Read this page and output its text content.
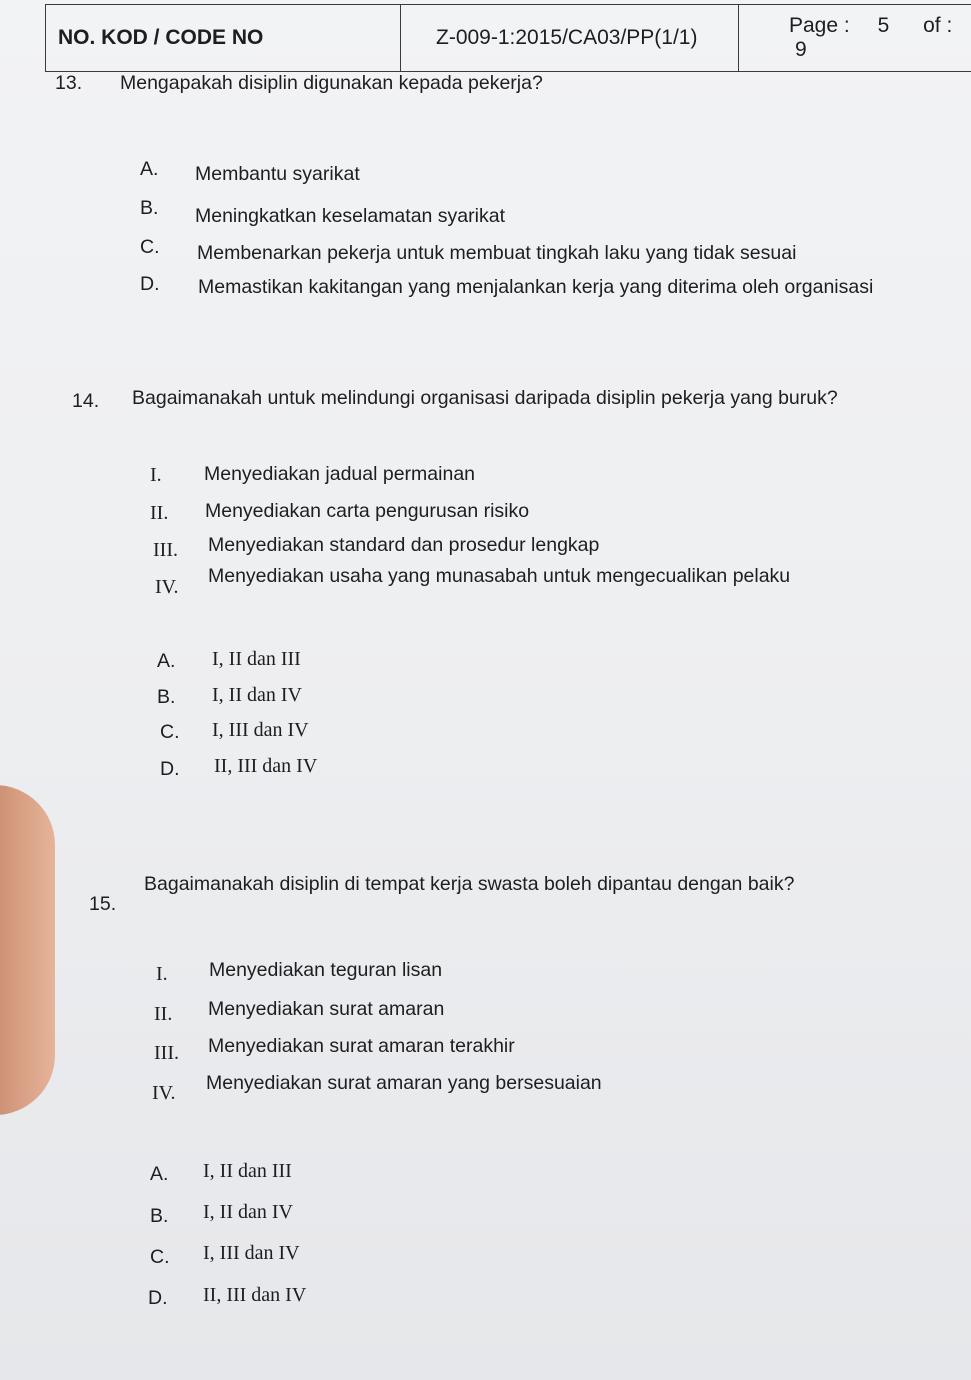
NO. KOD / CODE NO	Z-009-1:2015/CA03/PP(1/1)	Page : 5 of : 9
13. Mengapakah disiplin digunakan kepada pekerja?
A. Membantu syarikat
B. Meningkatkan keselamatan syarikat
C. Membenarkan pekerja untuk membuat tingkah laku yang tidak sesuai
D. Memastikan kakitangan yang menjalankan kerja yang diterima oleh organisasi
14. Bagaimanakah untuk melindungi organisasi daripada disiplin pekerja yang buruk?
I. Menyediakan jadual permainan
II. Menyediakan carta pengurusan risiko
III. Menyediakan standard dan prosedur lengkap
IV. Menyediakan usaha yang munasabah untuk mengecualikan pelaku
A. I, II dan III
B. I, II dan IV
C. I, III dan IV
D. II, III dan IV
15.
Bagaimanakah disiplin di tempat kerja swasta boleh dipantau dengan baik?
I. Menyediakan teguran lisan
II. Menyediakan surat amaran
III. Menyediakan surat amaran terakhir
IV. Menyediakan surat amaran yang bersesuaian
A. I, II dan III
B. I, II dan IV
C. I, III dan IV
D. II, III dan IV
